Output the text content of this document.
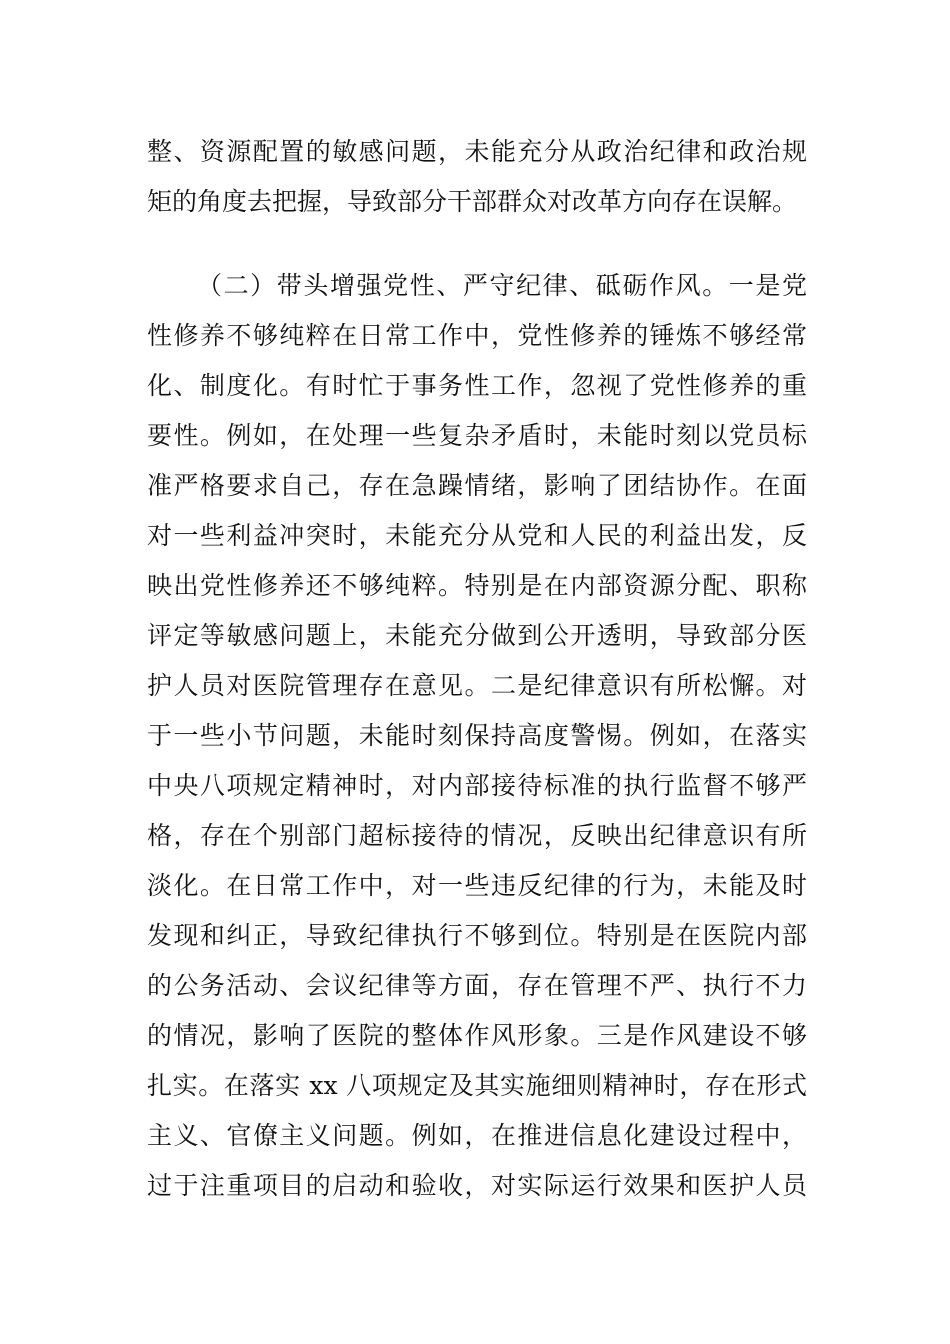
整、资源配置的敏感问题，未能充分从政治纪律和政治规
矩的角度去把握，导致部分干部群众对改革方向存在误解。
（二）带头增强党性、严守纪律、砥砺作风。一是党
性修养不够纯粹在日常工作中，党性修养的锤炼不够经常
化、制度化。有时忙于事务性工作，忽视了党性修养的重
要性。例如，在处理一些复杂矛盾时，未能时刻以党员标
准严格要求自己，存在急躁情绪，影响了团结协作。在面
对一些利益冲突时，未能充分从党和人民的利益出发，反
映出党性修养还不够纯粹。特别是在内部资源分配、职称
评定等敏感问题上，未能充分做到公开透明，导致部分医
护人员对医院管理存在意见。二是纪律意识有所松懈。对
于一些小节问题，未能时刻保持高度警惕。例如，在落实
中央八项规定精神时，对内部接待标准的执行监督不够严
格，存在个别部门超标接待的情况，反映出纪律意识有所
淡化。在日常工作中，对一些违反纪律的行为，未能及时
发现和纠正，导致纪律执行不够到位。特别是在医院内部
的公务活动、会议纪律等方面，存在管理不严、执行不力
的情况，影响了医院的整体作风形象。三是作风建设不够
扎实。在落实 xx 八项规定及其实施细则精神时，存在形式
主义、官僚主义问题。例如，在推进信息化建设过程中，
过于注重项目的启动和验收，对实际运行效果和医护人员
